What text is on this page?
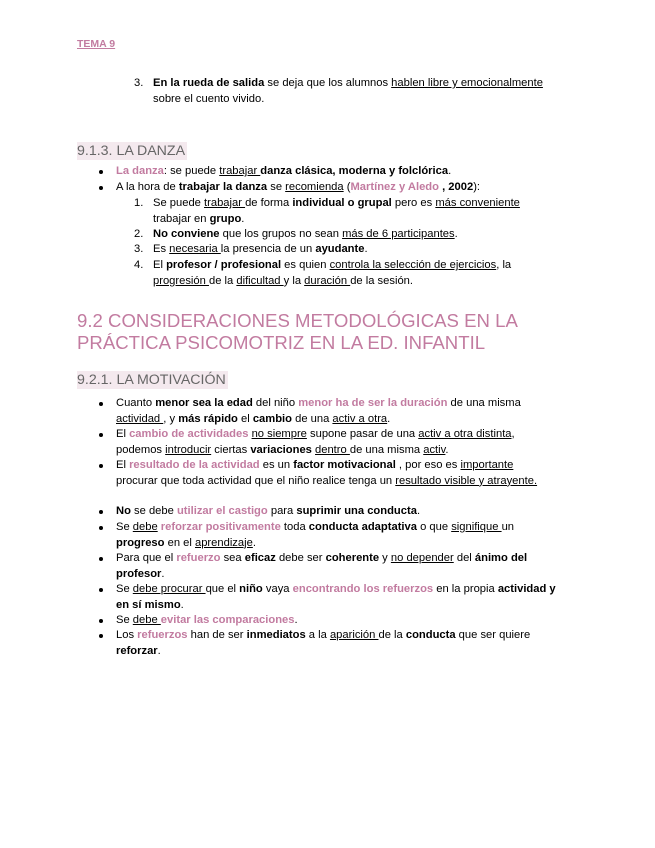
TEMA 9
3. En la rueda de salida se deja que los alumnos hablen libre y emocionalmente
sobre el cuento vivido.
9.1.3. LA DANZA
La danza: se puede trabajar danza clásica, moderna y folclórica.
A la hora de trabajar la danza se recomienda (Martínez y Aledo , 2002):
1. Se puede trabajar de forma individual o grupal pero es más conveniente
trabajar en grupo.
2. No conviene que los grupos no sean más de 6 participantes.
3. Es necesaria la presencia de un ayudante.
4. El profesor / profesional es quien controla la selección de ejercicios, la
progresión de la dificultad y la duración de la sesión.
9.2 CONSIDERACIONES METODOLÓGICAS EN LA
PRÁCTICA PSICOMOTRIZ EN LA ED. INFANTIL
9.2.1. LA MOTIVACIÓN
Cuanto menor sea la edad del niño menor ha de ser la duración de una misma
actividad , y más rápido el cambio de una activ a otra.
El cambio de actividades no siempre supone pasar de una activ a otra distinta,
podemos introducir ciertas variaciones dentro de una misma activ.
El resultado de la actividad es un factor motivacional , por eso es importante
procurar que toda actividad que el niño realice tenga un resultado visible y atrayente.
No se debe utilizar el castigo para suprimir una conducta.
Se debe reforzar positivamente toda conducta adaptativa o que signifique un
progreso en el aprendizaje.
Para que el refuerzo sea eficaz debe ser coherente y no depender del ánimo del
profesor.
Se debe procurar que el niño vaya encontrando los refuerzos en la propia actividad y
en sí mismo.
Se debe evitar las comparaciones.
Los refuerzos han de ser inmediatos a la aparición de la conducta que ser quiere
reforzar.
